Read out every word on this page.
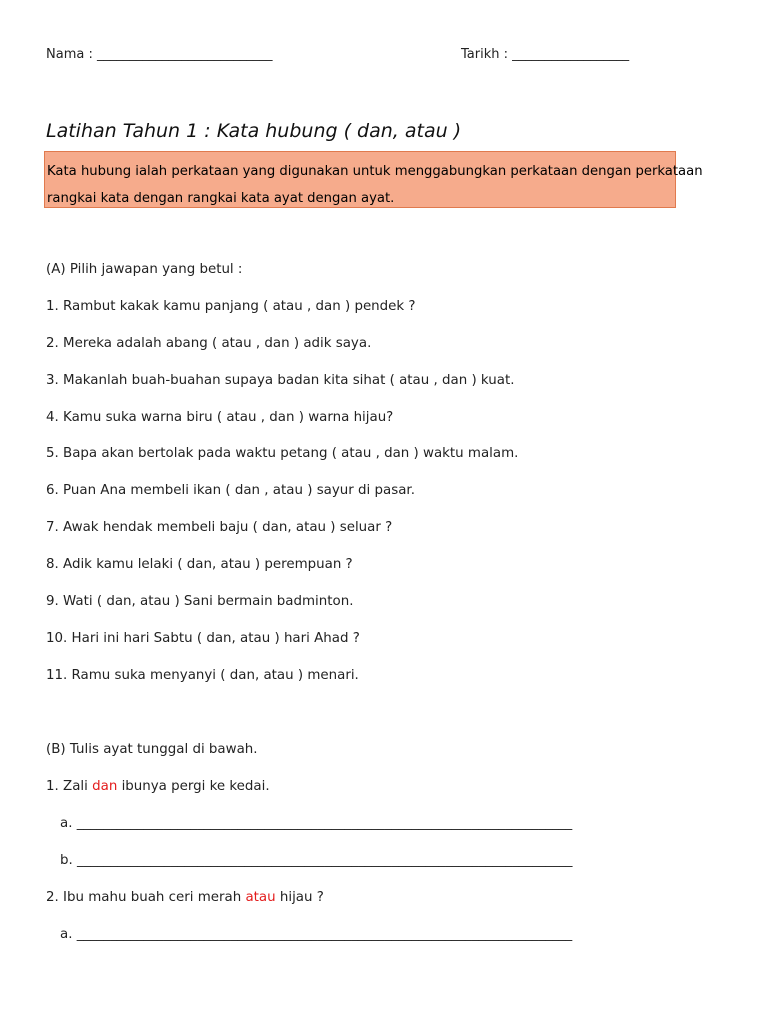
Nama : ___________________________	Tarikh : __________________
Latihan Tahun 1 : Kata hubung ( dan, atau )
Kata hubung ialah perkataan yang digunakan untuk menggabungkan perkataan dengan perkataan
rangkai kata dengan rangkai kata ayat dengan ayat.
(A) Pilih jawapan yang betul :
1. Rambut kakak kamu panjang ( atau , dan ) pendek ?
2. Mereka adalah abang ( atau , dan ) adik saya.
3. Makanlah buah-buahan supaya badan kita sihat ( atau , dan ) kuat.
4. Kamu suka warna biru ( atau , dan ) warna hijau?
5. Bapa akan bertolak pada waktu petang ( atau , dan ) waktu malam.
6. Puan Ana membeli ikan ( dan , atau ) sayur di pasar.
7. Awak hendak membeli baju ( dan, atau ) seluar ?
8. Adik kamu lelaki ( dan, atau ) perempuan ?
9. Wati ( dan, atau ) Sani bermain badminton.
10. Hari ini hari Sabtu ( dan, atau ) hari Ahad ?
11. Ramu suka menyanyi ( dan, atau ) menari.
(B) Tulis ayat tunggal di bawah.
1. Zali dan ibunya pergi ke kedai.
a. __________________________________________________________________________
b. __________________________________________________________________________
2. Ibu mahu buah ceri merah atau hijau ?
a. __________________________________________________________________________
